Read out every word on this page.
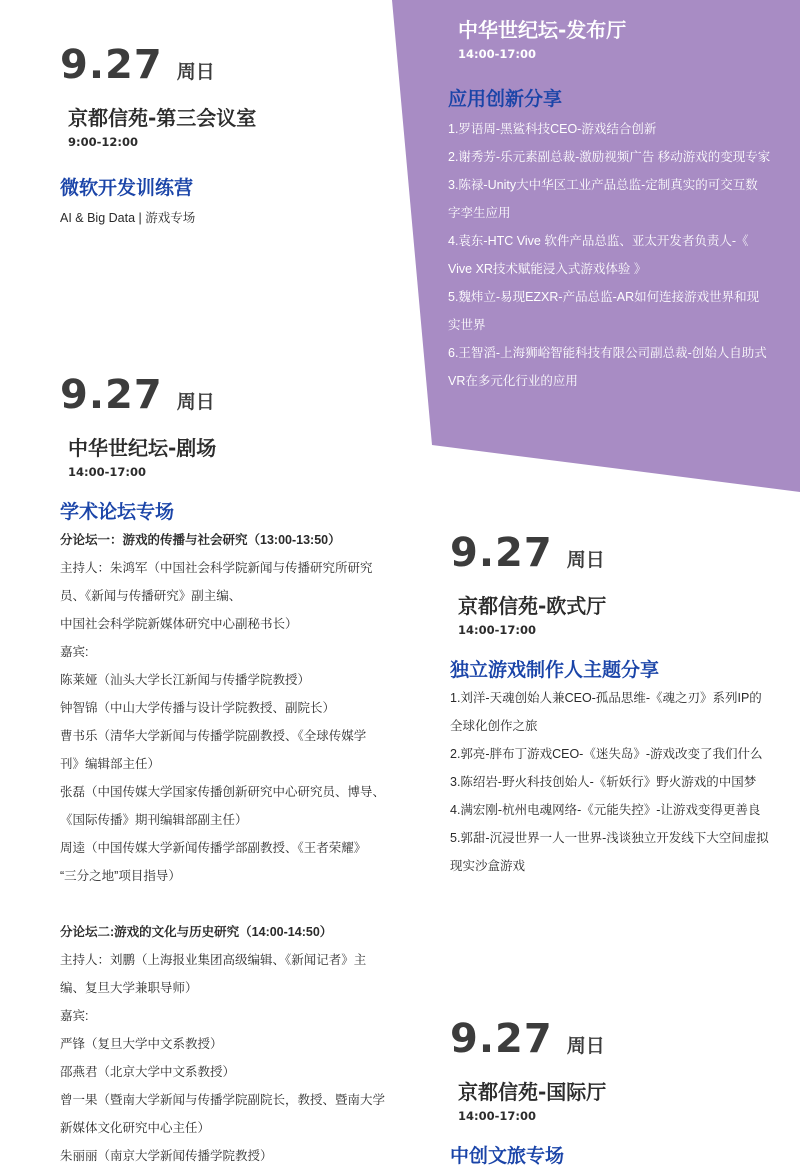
9.27 周日
京都信苑-第三会议室
9:00-12:00
微软开发训练营
AI & Big Data | 游戏专场
中华世纪坛-发布厅
14:00-17:00
应用创新分享
1.罗语周-黑鲨科技CEO-游戏结合创新
2.谢秀芳-乐元素副总裁-激励视频广告 移动游戏的变现专家
3.陈禄-Unity大中华区工业产品总监-定制真实的可交互数
字孪生应用
4.袁东-HTC Vive 软件产品总监、亚太开发者负责人-《
Vive XR技术赋能浸入式游戏体验 》
5.魏炜立-易现EZXR-产品总监-AR如何连接游戏世界和现
实世界
6.王智滔-上海狮峪智能科技有限公司副总裁-创始人自助式
VR在多元化行业的应用
9.27 周日
中华世纪坛-剧场
14:00-17:00
学术论坛专场
分论坛一：游戏的传播与社会研究（13:00-13:50）
主持人：朱鸿军（中国社会科学院新闻与传播研究所研究
员、《新闻与传播研究》副主编、
中国社会科学院新媒体研究中心副秘书长）
嘉宾:
陈莱娅（汕头大学长江新闻与传播学院教授）
钟智锦（中山大学传播与设计学院教授、副院长）
曹书乐（清华大学新闻与传播学院副教授、《全球传媒学
刊》编辑部主任）
张磊（中国传媒大学国家传播创新研究中心研究员、博导、
《国际传播》期刊编辑部副主任）
周逵（中国传媒大学新闻传播学部副教授、《王者荣耀》
“三分之地”项目指导）
分论坛二:游戏的文化与历史研究（14:00-14:50）
主持人：刘鹏（上海报业集团高级编辑、《新闻记者》主
编、复旦大学兼职导师）
嘉宾:
严锋（复旦大学中文系教授）
邵燕君（北京大学中文系教授）
曾一果（暨南大学新闻与传播学院副院长，教授、暨南大学
新媒体文化研究中心主任）
朱丽丽（南京大学新闻传播学院教授）
9.27 周日
京都信苑-欧式厅
14:00-17:00
独立游戏制作人主题分享
1.刘洋-天魂创始人兼CEO-孤品思维-《魂之刃》系列IP的
全球化创作之旅
2.郭亮-胖布丁游戏CEO-《迷失岛》-游戏改变了我们什么
3.陈绍岩-野火科技创始人-《斩妖行》野火游戏的中国梦
4.满宏刚-杭州电魂网络-《元能失控》-让游戏变得更善良
5.郭甜-沉浸世界一人一世界-浅谈独立开发线下大空间虚拟
现实沙盒游戏
9.27 周日
京都信苑-国际厅
14:00-17:00
中创文旅专场
